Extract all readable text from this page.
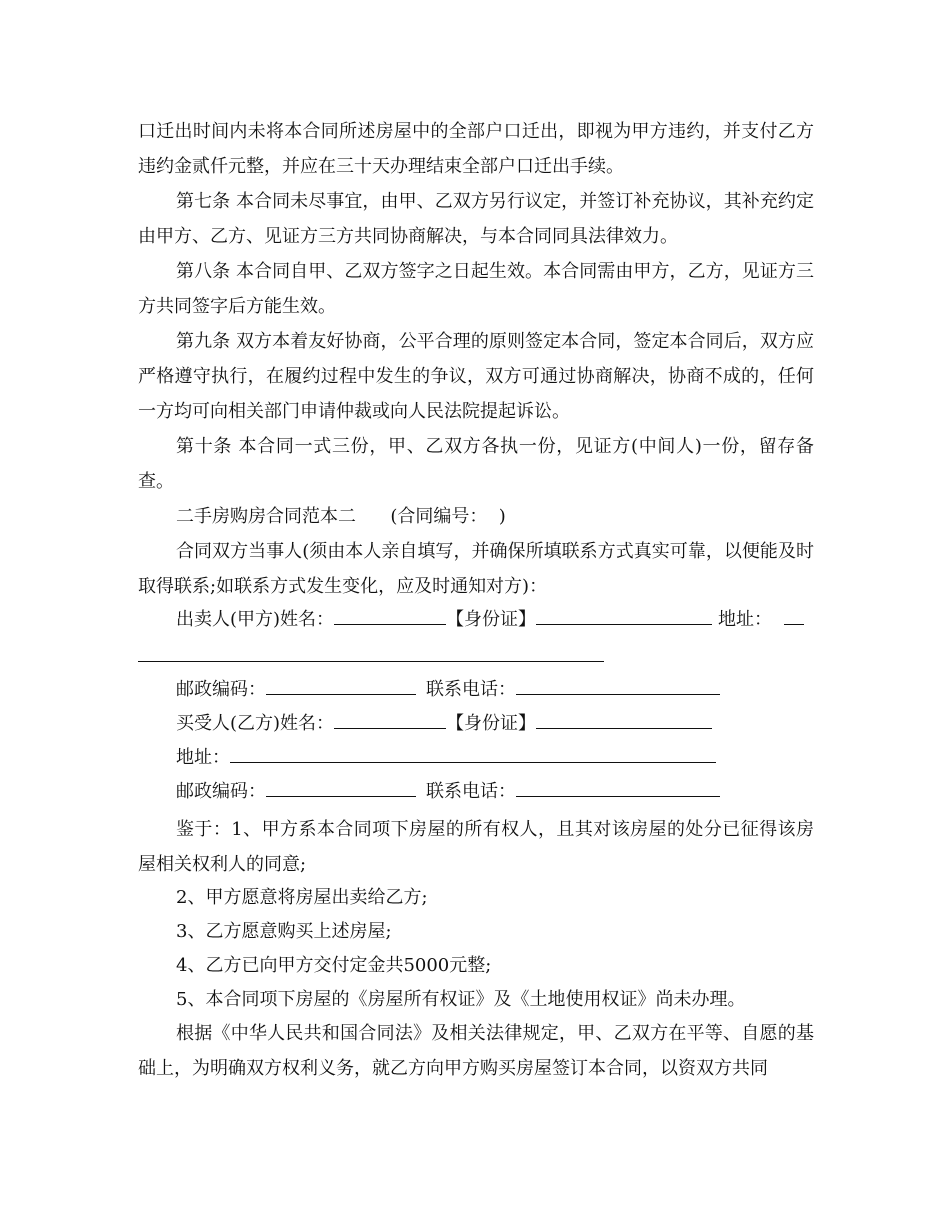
口迁出时间内未将本合同所述房屋中的全部户口迁出，即视为甲方违约，并支付乙方违约金贰仟元整，并应在三十天办理结束全部户口迁出手续。

第七条 本合同未尽事宜，由甲、乙双方另行议定，并签订补充协议，其补充约定由甲方、乙方、见证方三方共同协商解决，与本合同同具法律效力。

第八条 本合同自甲、乙双方签字之日起生效。本合同需由甲方，乙方，见证方三方共同签字后方能生效。

第九条 双方本着友好协商，公平合理的原则签定本合同，签定本合同后，双方应严格遵守执行，在履约过程中发生的争议，双方可通过协商解决，协商不成的，任何一方均可向相关部门申请仲裁或向人民法院提起诉讼。

第十条 本合同一式三份，甲、乙双方各执一份，见证方(中间人)一份，留存备查。

二手房购房合同范本二      (合同编号：  )

合同双方当事人(须由本人亲自填写，并确保所填联系方式真实可靠，以便能及时取得联系;如联系方式发生变化，应及时通知对方)：

出卖人(甲方)姓名：	【身份证】	地址：
邮政编码：	联系电话：
买受人(乙方)姓名：	【身份证】
地址：
邮政编码：	联系电话：

鉴于：1、甲方系本合同项下房屋的所有权人，且其对该房屋的处分已征得该房屋相关权利人的同意;

2、甲方愿意将房屋出卖给乙方;

3、乙方愿意购买上述房屋;

4、乙方已向甲方交付定金共5000元整;

5、本合同项下房屋的《房屋所有权证》及《土地使用权证》尚未办理。

根据《中华人民共和国合同法》及相关法律规定，甲、乙双方在平等、自愿的基础上，为明确双方权利义务，就乙方向甲方购买房屋签订本合同，以资双方共同
